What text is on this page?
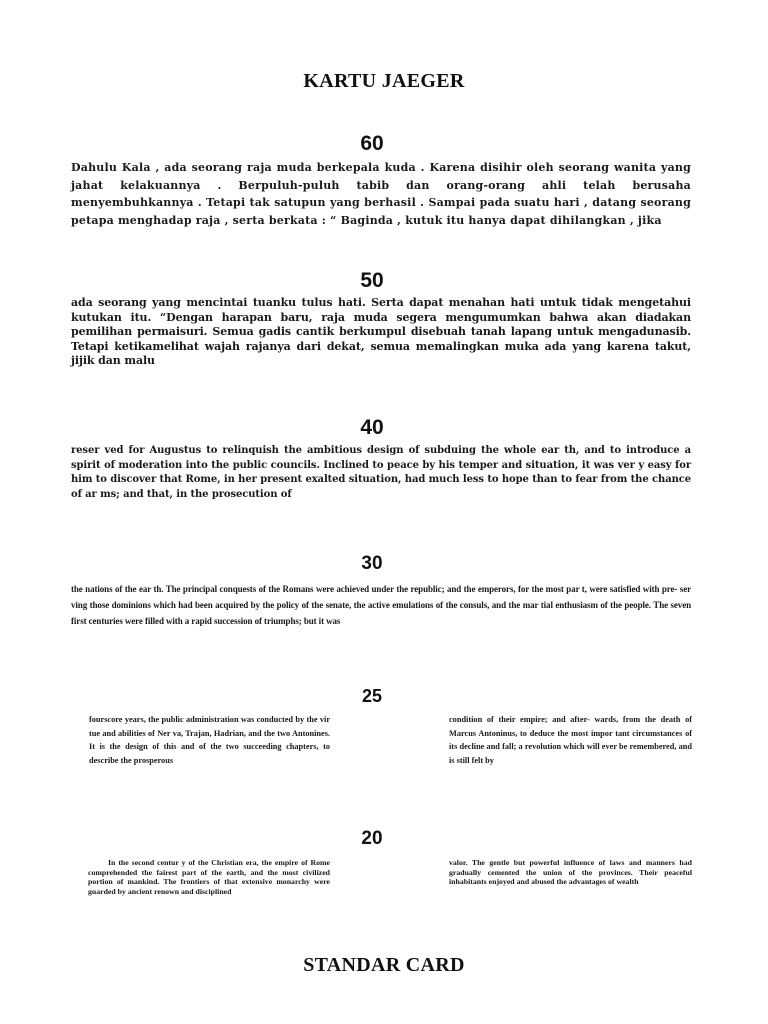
KARTU JAEGER
60

Dahulu Kala , ada seorang raja muda berkepala kuda . Karena disihir oleh seorang wanita yang jahat kelakuannya . Berpuluh-puluh tabib dan orang-orang ahli telah berusaha menyembuhkannya . Tetapi tak satupun yang berhasil . Sampai pada suatu hari , datang seorang petapa menghadap raja , serta berkata : “ Baginda , kutuk itu hanya dapat dihilangkan , jika

50

ada seorang yang mencintai tuanku tulus hati. Serta dapat menahan hati untuk tidak mengetahui kutukan itu. “Dengan harapan baru, raja muda segera mengumumkan bahwa akan diadakan pemilihan permaisuri. Semua gadis cantik berkumpul disebuah tanah lapang untuk mengadunasib. Tetapi ketikamelihat wajah rajanya dari dekat, semua memalingkan muka ada yang karena takut, jijik dan malu

40

reser ved for Augustus to relinquish the ambitious design of subduing the whole ear th, and to introduce a spirit of moderation into the public councils. Inclined to peace by his temper and situation, it was ver y easy for him to discover that Rome, in her present exalted situation, had much less to hope than to fear from the chance of ar ms; and that, in the prosecution of

30

the nations of the ear th. The principal conquests of the Romans were achieved under the republic; and the emperors, for the most par t, were satisfied with pre- ser ving those dominions which had been acquired by the policy of the senate, the active emulations of the consuls, and the mar tial enthusiasm of the people. The seven first centuries were filled with a rapid succession of triumphs; but it was

25

fourscore years, the public administration was conducted by the vir tue and abilities of Ner va, Trajan, Hadrian, and the two Antonines. It is the design of this and of the two succeeding chapters, to describe the prosperous

condition of their empire; and after- wards, from the death of Marcus Antoninus, to deduce the most impor tant circumstances of its decline and fall; a revolution which will ever be remembered, and is still felt by

20

In the second centur y of the Christian era, the empire of Rome comprehended the fairest part of the earth, and the most civilized portion of mankind. The frontiers of that extensive monarchy were guarded by ancient renown and disciplined

valor. The gentle but powerful influence of laws and manners had gradually cemented the union of the provinces. Their peaceful inhabitants enjoyed and abused the advantages of wealth

STANDAR CARD
